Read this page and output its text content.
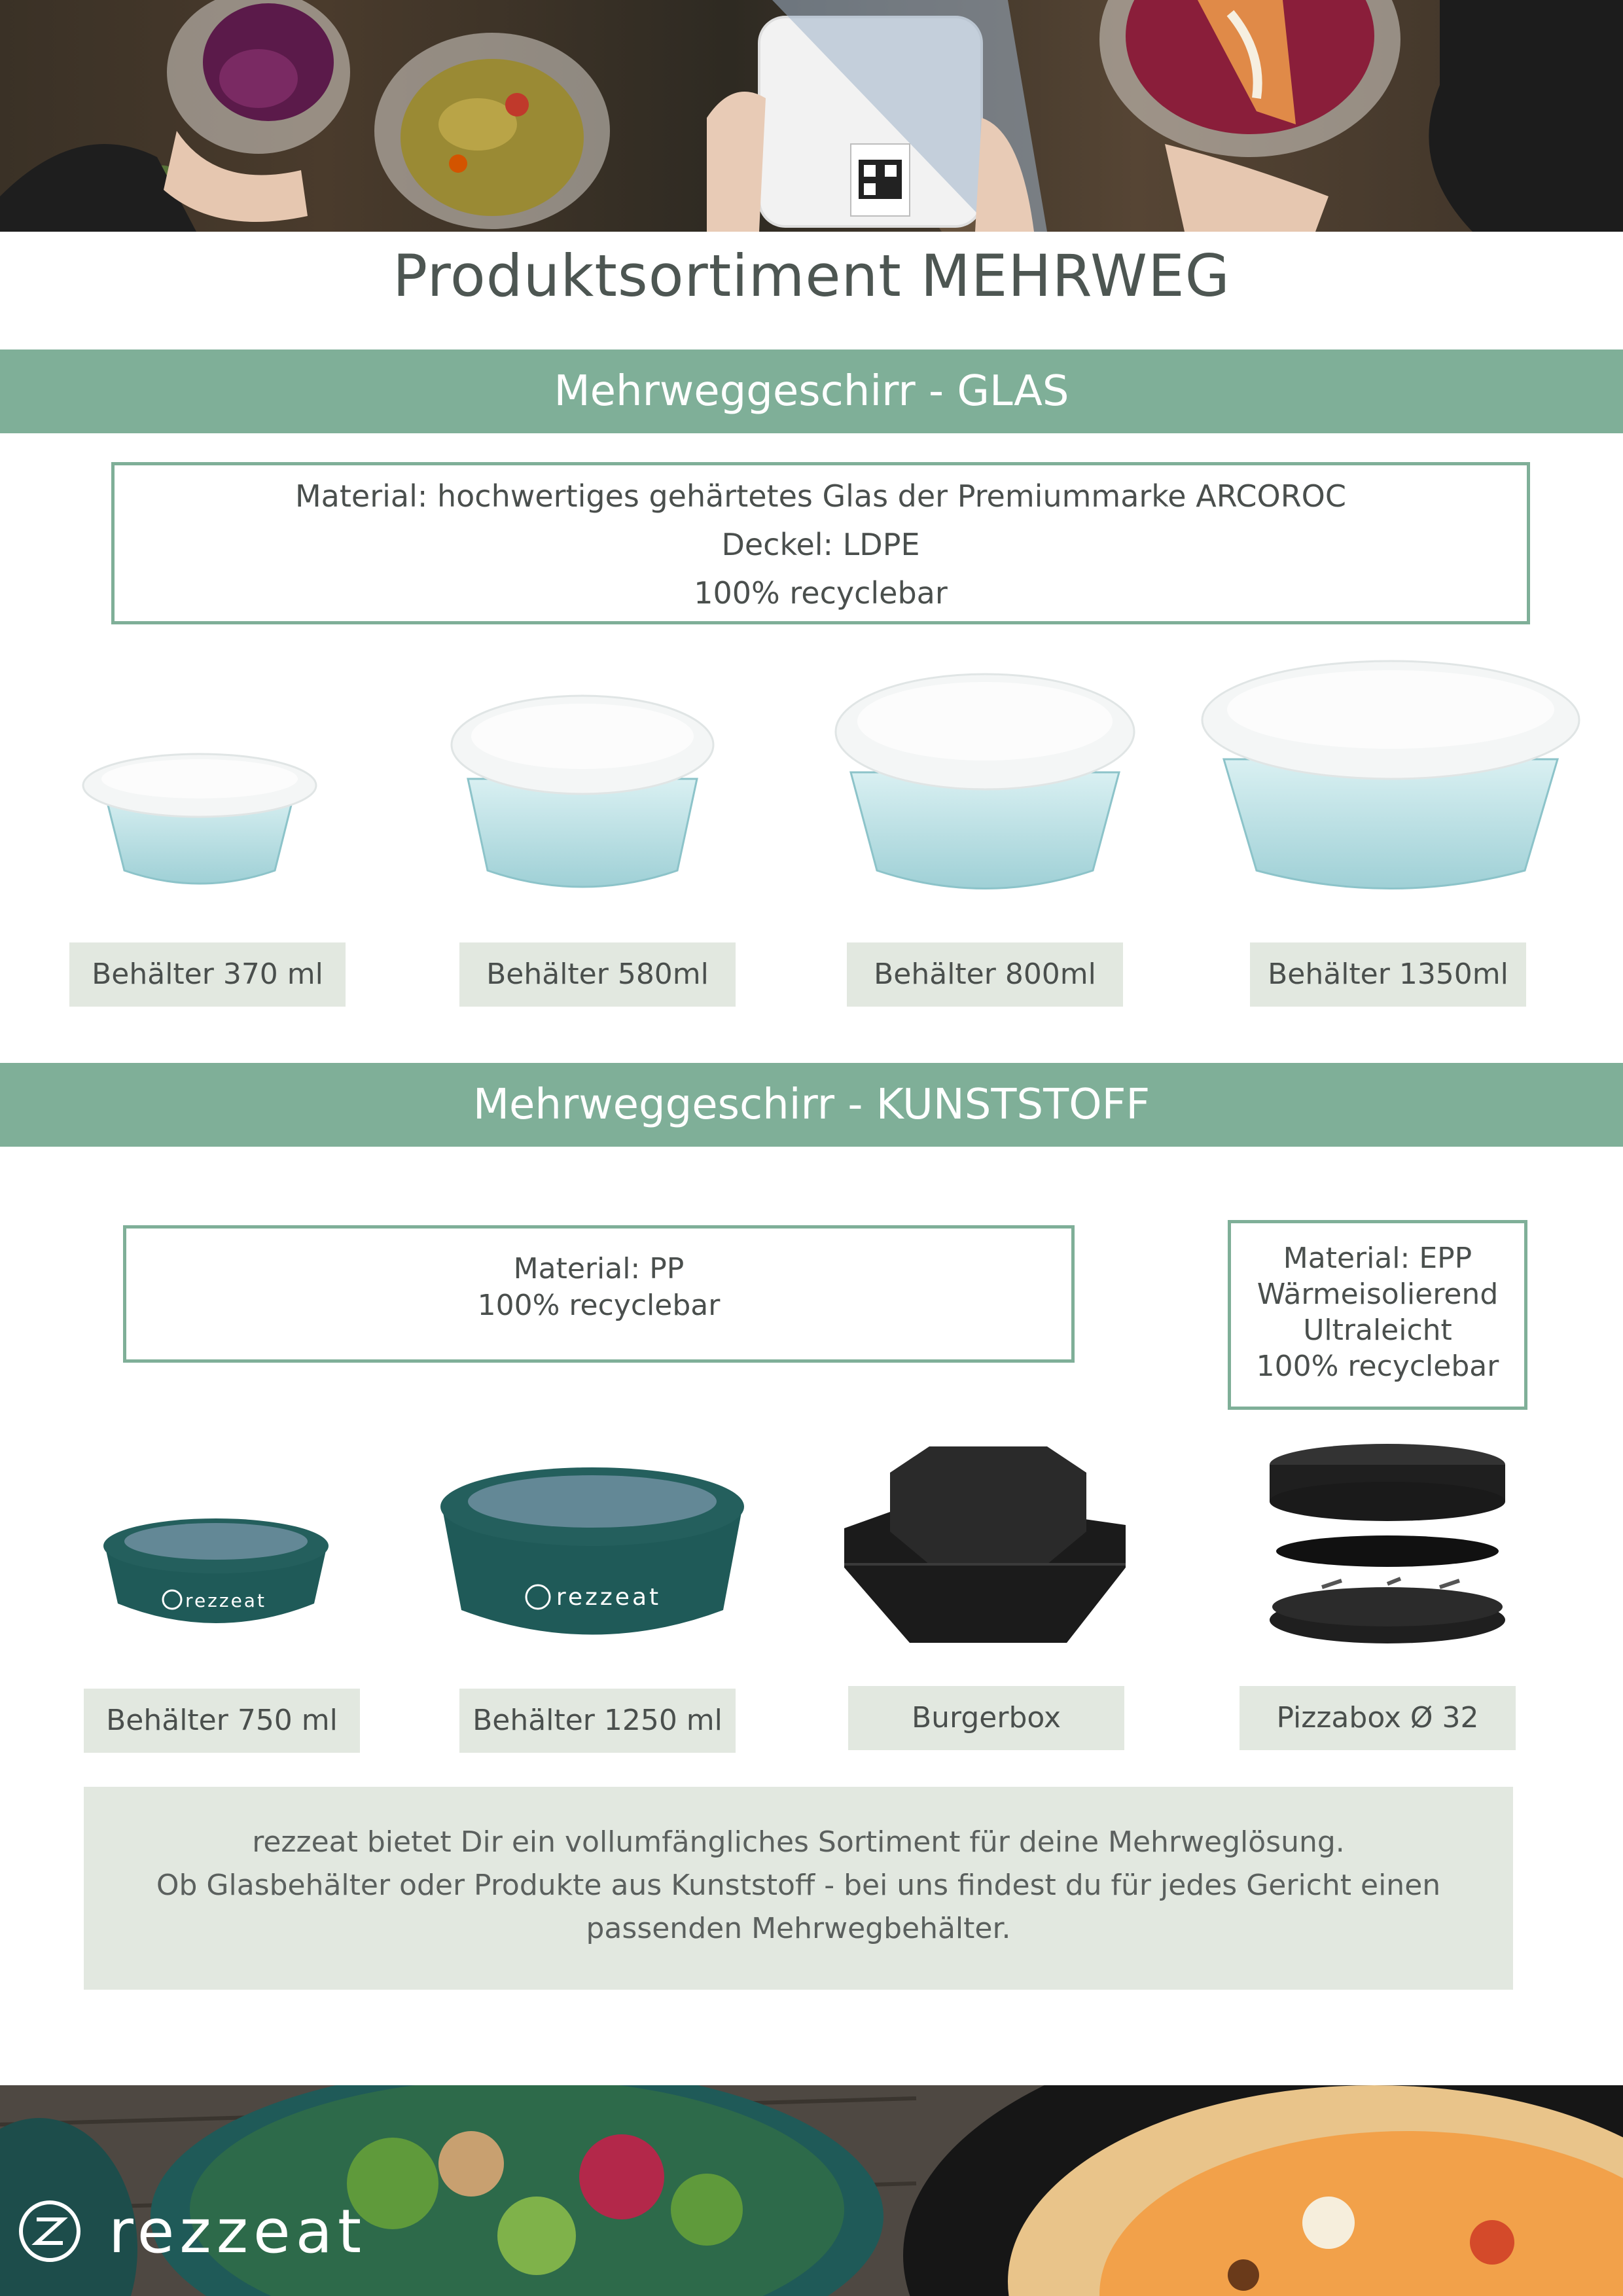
Produktsortiment MEHRWEG
Mehrweggeschirr - GLAS

Material: hochwertiges gehärtetes Glas der Premiummarke ARCOROC

Deckel: LDPE

100% recyclebar

Behälter 370 ml	Behälter 580ml	Behälter 800ml	Behälter 1350ml
Mehrweggeschirr - KUNSTSTOFF

Material: PP

100% recyclebar

Material: EPP

Wärmeisolierend

Ultraleicht

100% recyclebar

rezzeat	rezzeat
Behälter 750 ml	Behälter 1250 ml	Burgerbox	Pizzabox Ø 32

rezzeat bietet Dir ein vollumfängliches Sortiment für deine Mehrweglösung.

Ob Glasbehälter oder Produkte aus Kunststoff - bei uns findest du für jedes Gericht einen

passenden Mehrwegbehälter.

rezzeat
